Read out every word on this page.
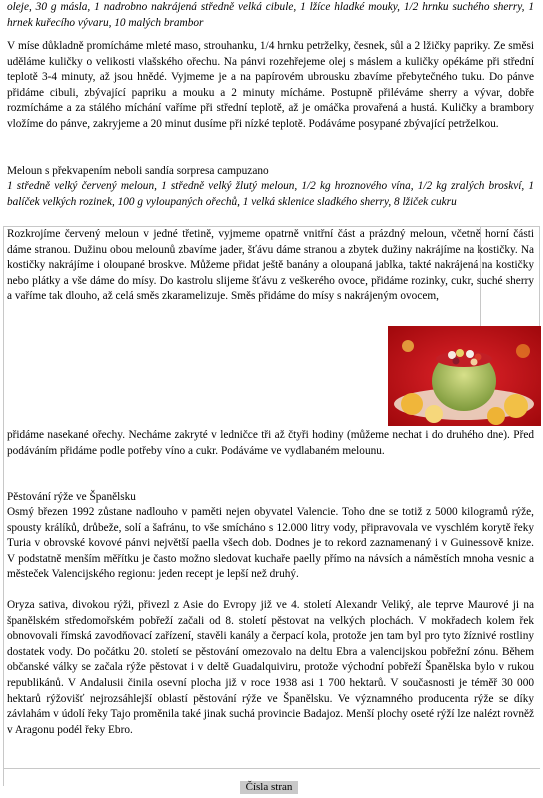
oleje, 30 g másla, 1 nadrobno nakrájená středně velká cibule, 1 lžíce hladké mouky, 1/2 hrnku suchého sherry, 1 hrnek kuřecího vývaru, 10 malých brambor
V míse důkladně promícháme mleté maso, strouhanku, 1/4 hrnku petrželky, česnek, sůl a 2 lžičky papriky. Ze směsi uděláme kuličky o velikosti vlašského ořechu. Na pánvi rozehřejeme olej s máslem a kuličky opékáme při střední teplotě 3-4 minuty, až jsou hnědé. Vyjmeme je a na papírovém ubrousku zbavíme přebytečného tuku. Do pánve přidáme cibuli, zbývající papriku a mouku a 2 minuty mícháme. Postupně přiléváme sherry a vývar, dobře rozmícháme a za stálého míchání vaříme při střední teplotě, až je omáčka provařená a hustá. Kuličky a brambory vložíme do pánve, zakryjeme a 20 minut dusíme při nízké teplotě. Podáváme posypané zbývající petrželkou.
Meloun s překvapením neboli sandía sorpresa campuzano
1 středně velký červený meloun, 1 středně velký žlutý meloun, 1/2 kg hroznového vína, 1/2 kg zralých broskví, 1 balíček velkých rozinek, 100 g vyloupaných ořechů, 1 velká sklenice sladkého sherry, 8 lžiček cukru
Rozkrojíme červený meloun v jedné třetině, vyjmeme opatrně vnitřní část a prázdný meloun, včetně horní části dáme stranou. Dužinu obou melounů zbavíme jader, šťávu dáme stranou a zbytek dužiny nakrájíme na kostičky. Na kostičky nakrájíme i oloupané broskve. Můžeme přidat ještě banány a oloupaná jablka, takté nakrájená na kostičky nebo plátky a vše dáme do mísy. Do kastrolu slijeme šťávu z veškerého ovoce, přidáme rozinky, cukr, suché sherry a vaříme tak dlouho, až celá směs zkaramelizuje. Směs přidáme do mísy s nakrájeným ovocem,
přidáme nasekané ořechy. Necháme zakryté v ledničce tři až čtyři hodiny (můžeme nechat i do druhého dne). Před podáváním přidáme podle potřeby víno a cukr. Podáváme ve vydlabaném melounu.
Pěstování rýže ve Španělsku
Osmý březen 1992 zůstane nadlouho v paměti nejen obyvatel Valencie. Toho dne se totiž z 5000 kilogramů rýže, spousty králíků, drůbeže, solí a šafránu, to vše smícháno s 12.000 litry vody, připravovala ve vyschlém korytě řeky Turia v obrovské kovové pánvi největší paella všech dob. Dodnes je to rekord zaznamenaný i v Guinessově knize. V podstatně menším měřítku je často možno sledovat kuchaře paelly přímo na návsích a náměstích mnoha vesnic a městeček Valencijského regionu: jeden recept je lepší než druhý.
Oryza sativa, divokou rýži, přivezl z Asie do Evropy již ve 4. století Alexandr Veliký, ale teprve Maurové ji na španělském středomořském pobřeží začali od 8. století pěstovat na velkých plochách. V mokřadech kolem řek obnovovali římská zavodňovací zařízení, stavěli kanály a čerpací kola, protože jen tam byl pro tyto žíznivé rostliny dostatek vody. Do počátku 20. století se pěstování omezovalo na deltu Ebra a valencijskou pobřežní zónu. Během občanské války se začala rýže pěstovat i v deltě Guadalquiviru, protože východní pobřeží Španělska bylo v rukou republikánů. V Andalusii činila osevní plocha již v roce 1938 asi 1 700 hektarů. V současnosti je téměř 30 000 hektarů rýžovišť nejrozsáhlejší oblastí pěstování rýže ve Španělsku. Ve významného producenta rýže se díky závlahám v údolí řeky Tajo proměnila také jinak suchá provincie Badajoz. Menší plochy oseté rýží lze nalézt rovněž v Aragonu podél řeky Ebro.
Čísla stran
